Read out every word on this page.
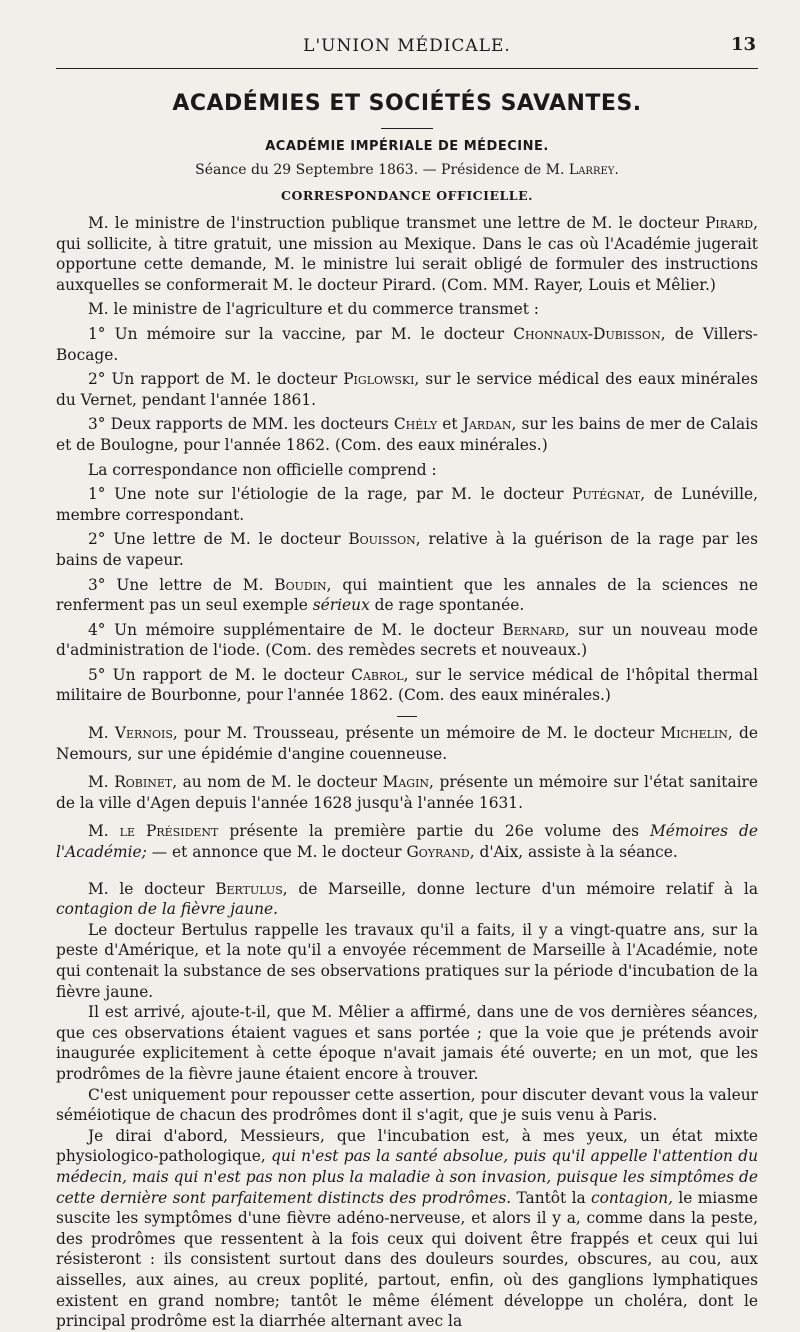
L'UNION MÉDICALE.	13
ACADÉMIES ET SOCIÉTÉS SAVANTES.
ACADÉMIE IMPÉRIALE DE MÉDECINE.
Séance du 29 Septembre 1863. — Présidence de M. Larrey.
CORRESPONDANCE OFFICIELLE.

M. le ministre de l'instruction publique transmet une lettre de M. le docteur Pirard, qui sollicite, à titre gratuit, une mission au Mexique. Dans le cas où l'Académie jugerait opportune cette demande, M. le ministre lui serait obligé de formuler des instructions auxquelles se conformerait M. le docteur Pirard. (Com. MM. Rayer, Louis et Mêlier.)

M. le ministre de l'agriculture et du commerce transmet :

1° Un mémoire sur la vaccine, par M. le docteur Chonnaux-Dubisson, de Villers-Bocage.

2° Un rapport de M. le docteur Piglowski, sur le service médical des eaux minérales du Vernet, pendant l'année 1861.

3° Deux rapports de MM. les docteurs Chély et Jardan, sur les bains de mer de Calais et de Boulogne, pour l'année 1862. (Com. des eaux minérales.)

La correspondance non officielle comprend :

1° Une note sur l'étiologie de la rage, par M. le docteur Putégnat, de Lunéville, membre correspondant.

2° Une lettre de M. le docteur Bouisson, relative à la guérison de la rage par les bains de vapeur.

3° Une lettre de M. Boudin, qui maintient que les annales de la sciences ne renferment pas un seul exemple sérieux de rage spontanée.

4° Un mémoire supplémentaire de M. le docteur Bernard, sur un nouveau mode d'administration de l'iode. (Com. des remèdes secrets et nouveaux.)

5° Un rapport de M. le docteur Cabrol, sur le service médical de l'hôpital thermal militaire de Bourbonne, pour l'année 1862. (Com. des eaux minérales.)

M. Vernois, pour M. Trousseau, présente un mémoire de M. le docteur Michelin, de Nemours, sur une épidémie d'angine couenneuse.

M. Robinet, au nom de M. le docteur Magin, présente un mémoire sur l'état sanitaire de la ville d'Agen depuis l'année 1628 jusqu'à l'année 1631.

M. le Président présente la première partie du 26e volume des Mémoires de l'Académie; — et annonce que M. le docteur Goyrand, d'Aix, assiste à la séance.

M. le docteur Bertulus, de Marseille, donne lecture d'un mémoire relatif à la contagion de la fièvre jaune.

Le docteur Bertulus rappelle les travaux qu'il a faits, il y a vingt-quatre ans, sur la peste d'Amérique, et la note qu'il a envoyée récemment de Marseille à l'Académie, note qui contenait la substance de ses observations pratiques sur la période d'incubation de la fièvre jaune.

Il est arrivé, ajoute-t-il, que M. Mêlier a affirmé, dans une de vos dernières séances, que ces observations étaient vagues et sans portée ; que la voie que je prétends avoir inaugurée explicitement à cette époque n'avait jamais été ouverte; en un mot, que les prodrômes de la fièvre jaune étaient encore à trouver.

C'est uniquement pour repousser cette assertion, pour discuter devant vous la valeur séméiotique de chacun des prodrômes dont il s'agit, que je suis venu à Paris.

Je dirai d'abord, Messieurs, que l'incubation est, à mes yeux, un état mixte physiologico-pathologique, qui n'est pas la santé absolue, puis qu'il appelle l'attention du médecin, mais qui n'est pas non plus la maladie à son invasion, puisque les simptômes de cette dernière sont parfaitement distincts des prodrômes. Tantôt la contagion, le miasme suscite les symptômes d'une fièvre adéno-nerveuse, et alors il y a, comme dans la peste, des prodrômes que ressentent à la fois ceux qui doivent être frappés et ceux qui lui résisteront : ils consistent surtout dans des douleurs sourdes, obscures, au cou, aux aisselles, aux aines, au creux poplité, partout, enfin, où des ganglions lymphatiques existent en grand nombre; tantôt le même élément développe un choléra, dont le principal prodrôme est la diarrhée alternant avec la
